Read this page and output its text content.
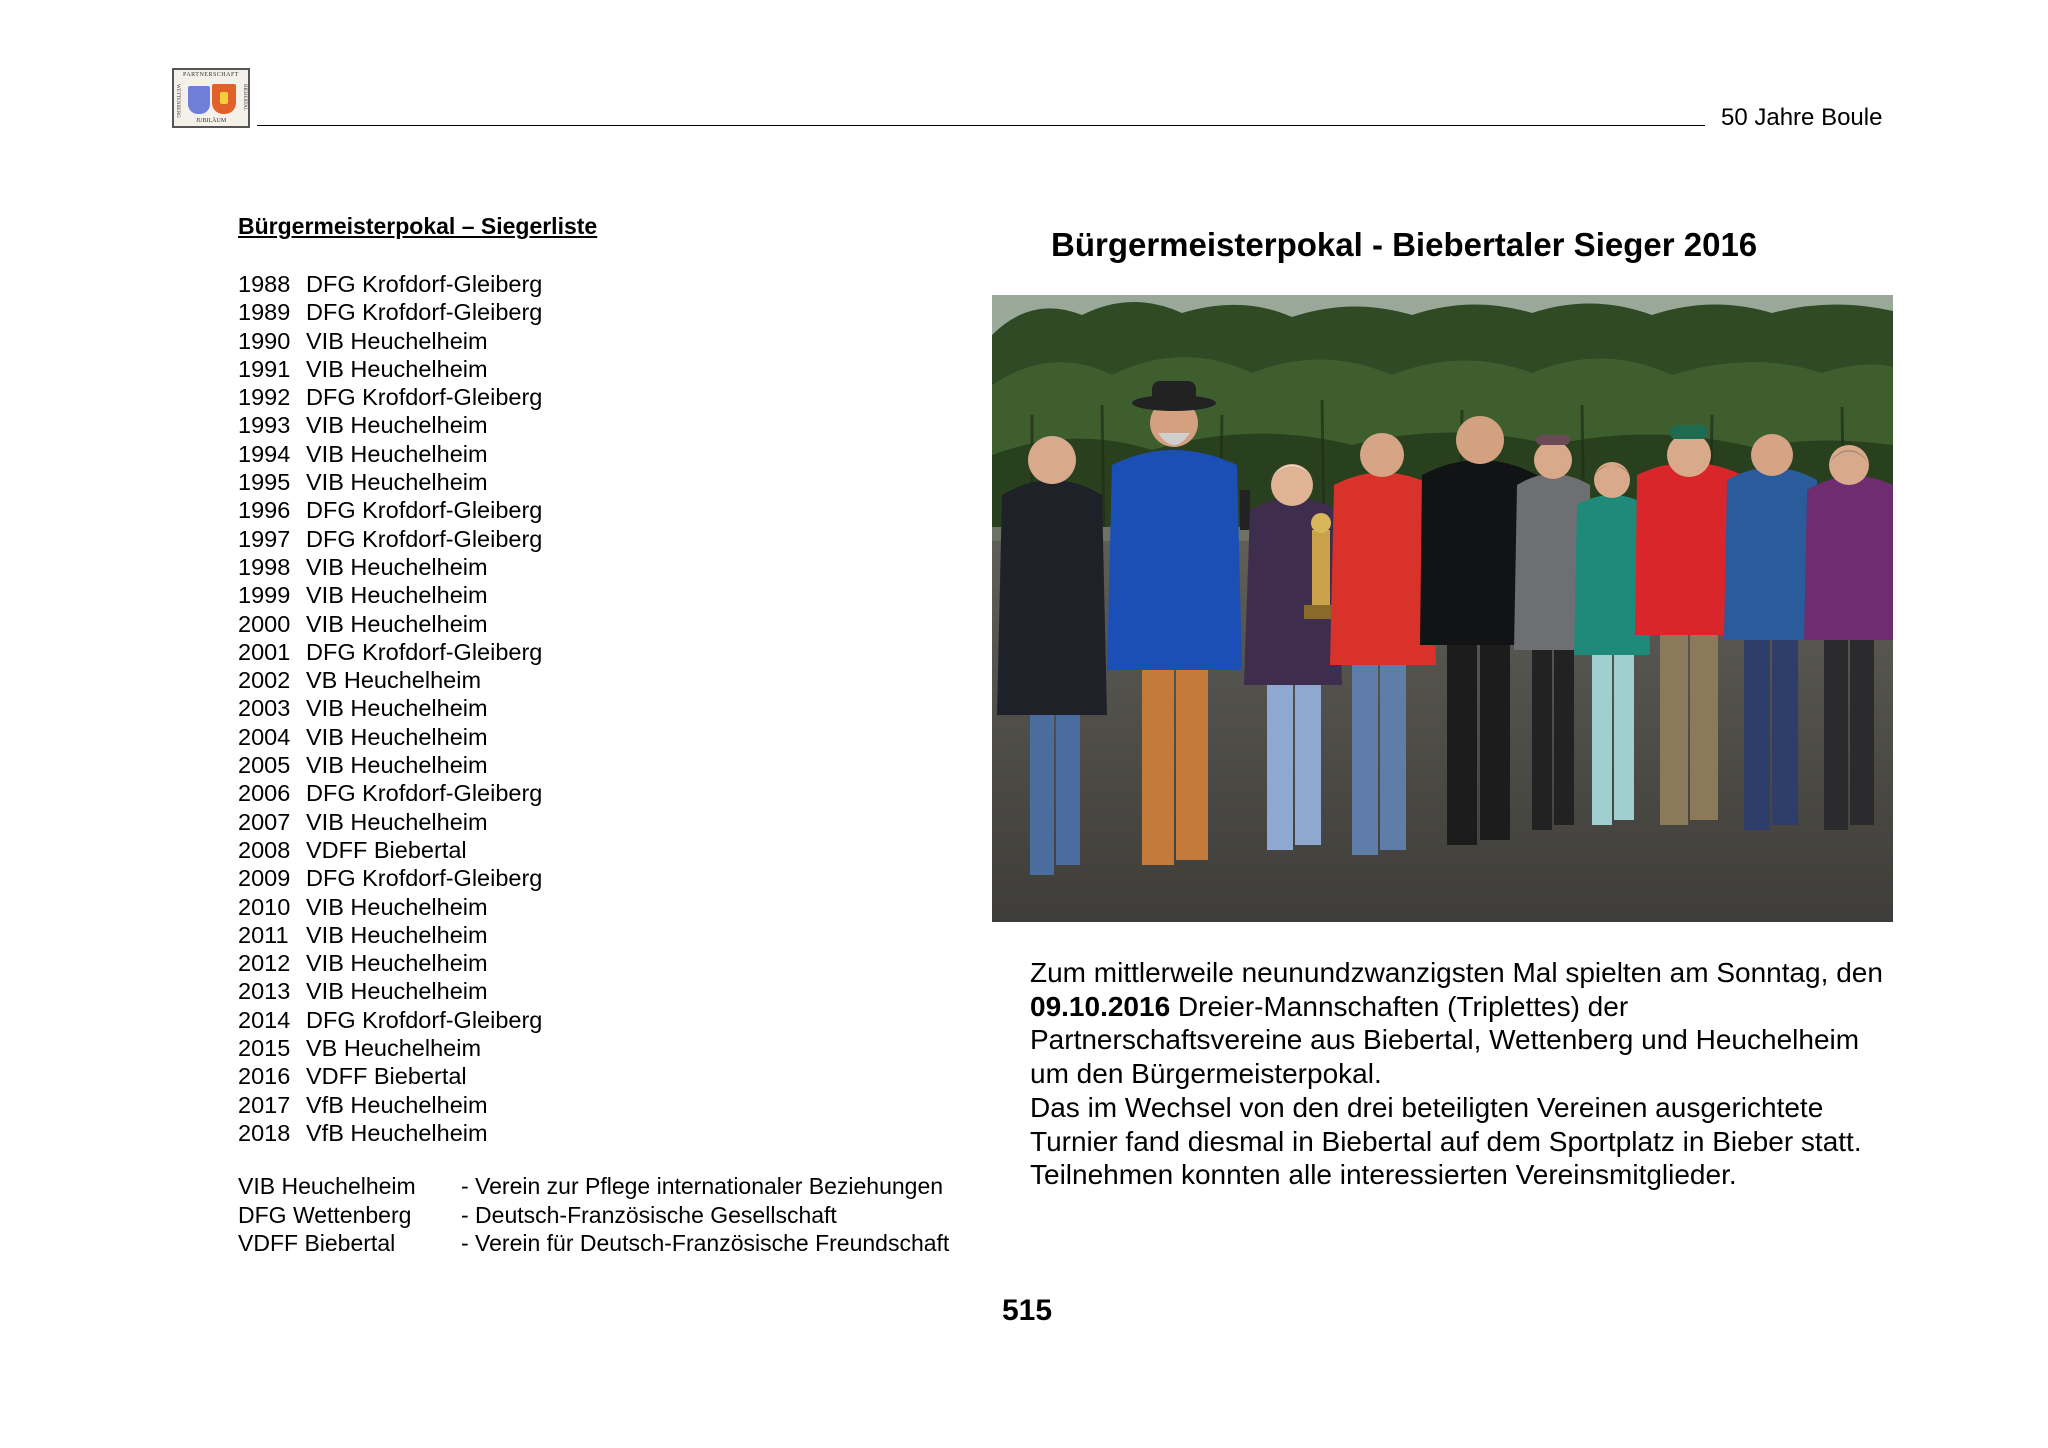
PARTNERSCHAFT
WETTENBERG	BIEBERTAL
JUBILÄUM	50 Jahre Boule
Bürgermeisterpokal – Siegerliste
1988 DFG Krofdorf-Gleiberg
1989 DFG Krofdorf-Gleiberg
1990 VIB Heuchelheim
1991 VIB Heuchelheim
1992 DFG Krofdorf-Gleiberg
1993 VIB Heuchelheim
1994 VIB Heuchelheim
1995 VIB Heuchelheim
1996 DFG Krofdorf-Gleiberg
1997 DFG Krofdorf-Gleiberg
1998 VIB Heuchelheim
1999 VIB Heuchelheim
2000 VIB Heuchelheim
2001 DFG Krofdorf-Gleiberg
2002 VB Heuchelheim
2003 VIB Heuchelheim
2004 VIB Heuchelheim
2005 VIB Heuchelheim
2006 DFG Krofdorf-Gleiberg
2007 VIB Heuchelheim
2008 VDFF Biebertal
2009 DFG Krofdorf-Gleiberg
2010 VIB Heuchelheim
2011 VIB Heuchelheim
2012 VIB Heuchelheim
2013 VIB Heuchelheim
2014 DFG Krofdorf-Gleiberg
2015 VB Heuchelheim
2016 VDFF Biebertal
2017 VfB Heuchelheim
2018 VfB Heuchelheim
VIB Heuchelheim - Verein zur Pflege internationaler Beziehungen
DFG Wettenberg - Deutsch-Französische Gesellschaft
VDFF Biebertal	- Verein für Deutsch-Französische Freundschaft
Bürgermeisterpokal - Biebertaler Sieger 2016

Zum mittlerweile neunundzwanzigsten Mal spielten am Sonntag, den 09.10.2016 Dreier-Mannschaften (Triplettes) der Partnerschaftsvereine aus Biebertal, Wettenberg und Heuchelheim um den Bürgermeisterpokal.

Das im Wechsel von den drei beteiligten Vereinen ausgerichtete Turnier fand diesmal in Biebertal auf dem Sportplatz in Bieber statt.

Teilnehmen konnten alle interessierten Vereinsmitglieder.

515
